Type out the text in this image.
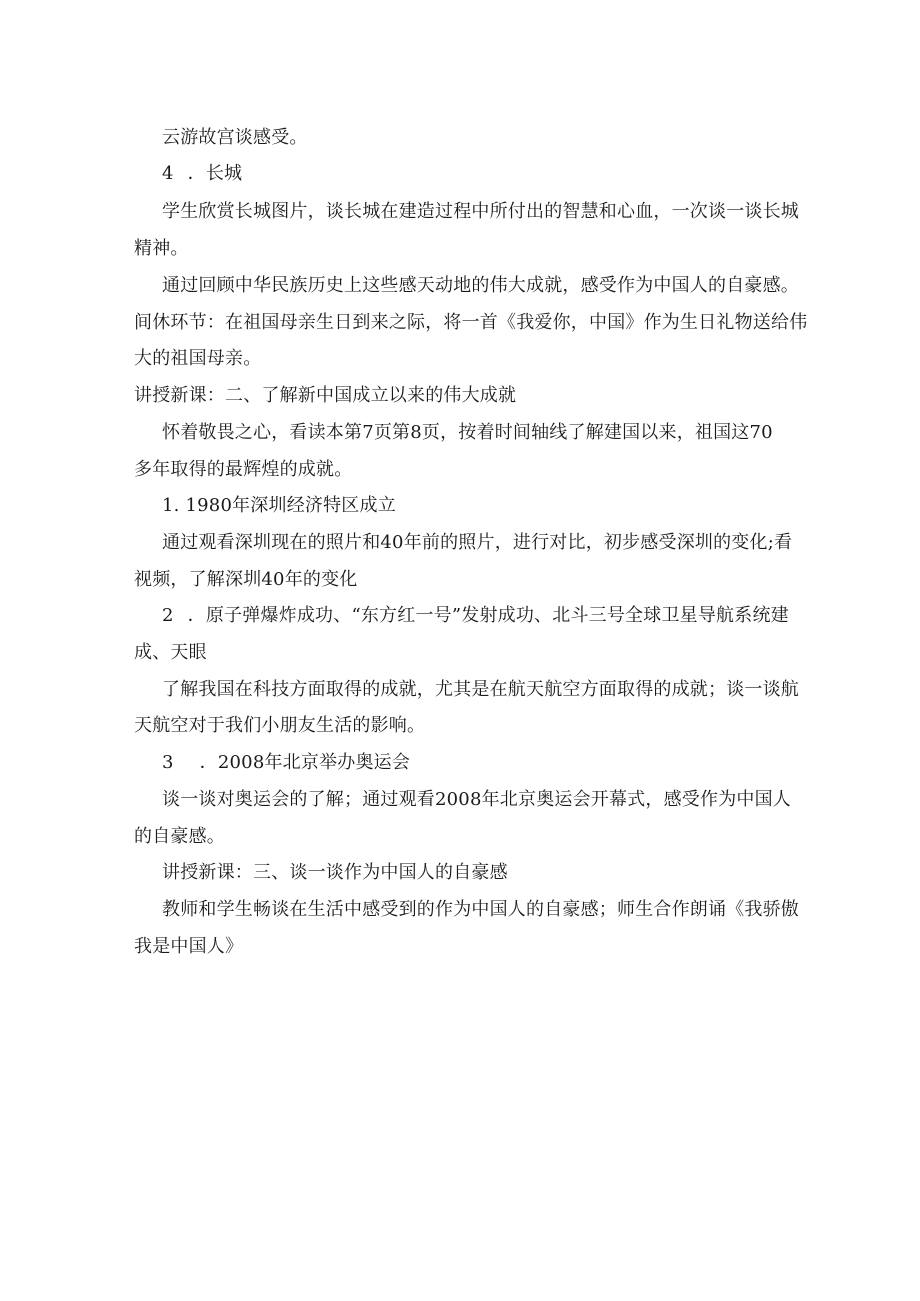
云游故宫谈感受。
4 ．长城
学生欣赏长城图片，谈长城在建造过程中所付出的智慧和心血，一次谈一谈长城
精神。
通过回顾中华民族历史上这些感天动地的伟大成就，感受作为中国人的自豪感。
间休环节：在祖国母亲生日到来之际，将一首《我爱你，中国》作为生日礼物送给伟
大的祖国母亲。
讲授新课：二、了解新中国成立以来的伟大成就
怀着敬畏之心，看读本第7页第8页，按着时间轴线了解建国以来，祖国这70
多年取得的最辉煌的成就。
1. 1980年深圳经济特区成立
通过观看深圳现在的照片和40年前的照片，进行对比，初步感受深圳的变化;看
视频，了解深圳40年的变化
2 ．原子弹爆炸成功、“东方红一号”发射成功、北斗三号全球卫星导航系统建
成、天眼
了解我国在科技方面取得的成就，尤其是在航天航空方面取得的成就；谈一谈航
天航空对于我们小朋友生活的影响。
3 ．2008年北京举办奥运会
谈一谈对奥运会的了解；通过观看2008年北京奥运会开幕式，感受作为中国人
的自豪感。
讲授新课：三、谈一谈作为中国人的自豪感
教师和学生畅谈在生活中感受到的作为中国人的自豪感；师生合作朗诵《我骄傲
我是中国人》
